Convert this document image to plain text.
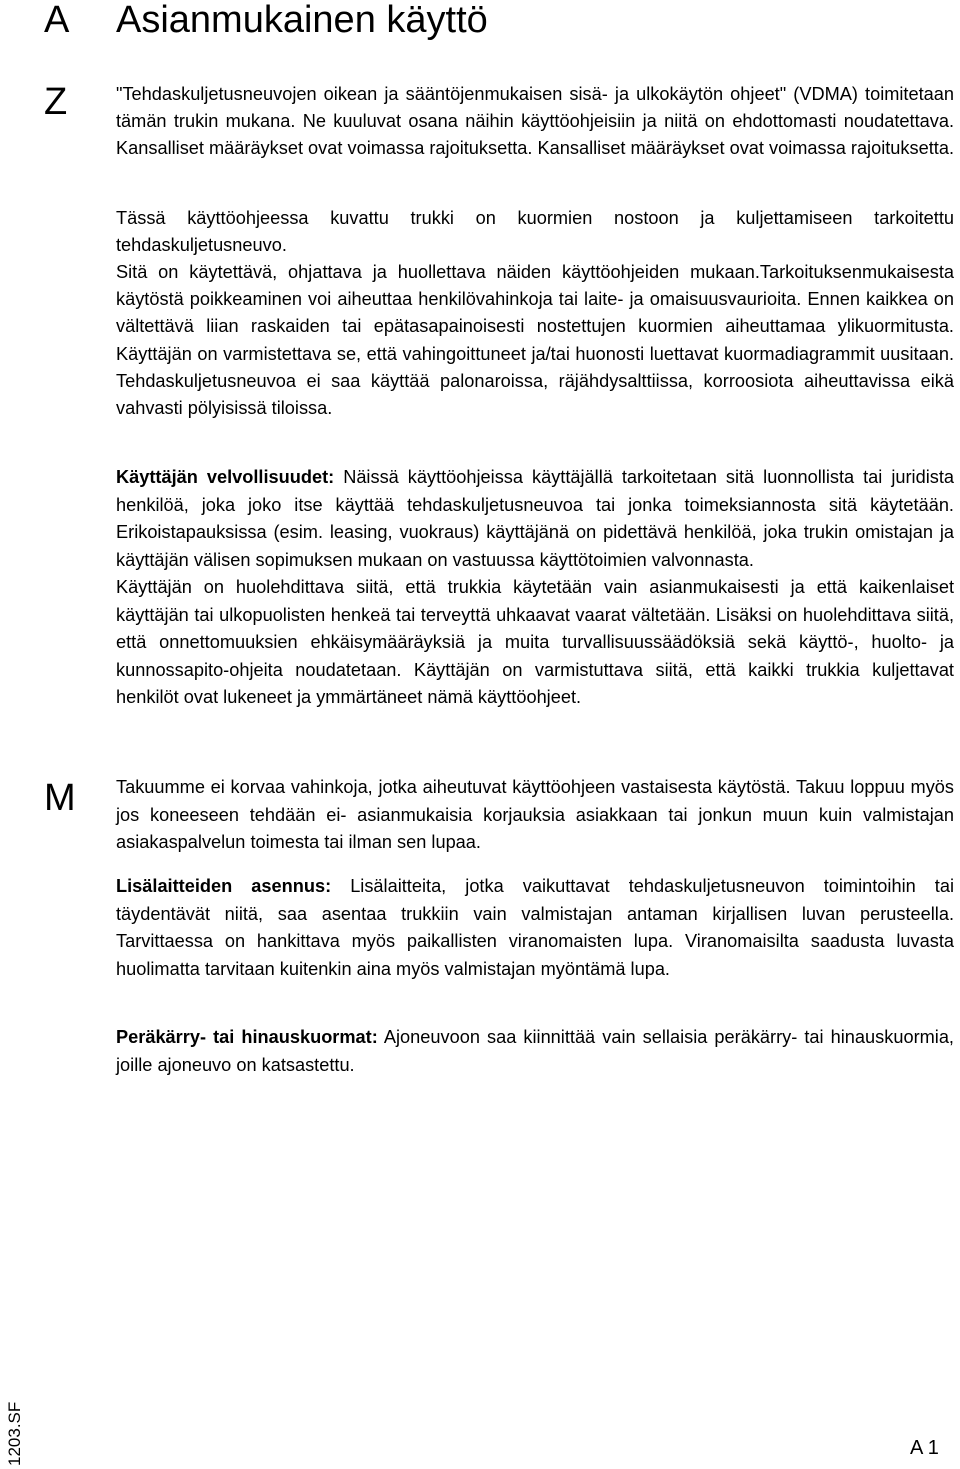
A Asianmukainen käyttö
Z	"Tehdaskuljetusneuvojen oikean ja sääntöjenmukaisen sisä- ja ulkokäytön ohjeet" (VDMA) toimitetaan tämän trukin mukana. Ne kuuluvat osana näihin käyttöohjeisiin ja niitä on ehdottomasti noudatettava. Kansalliset määräykset ovat voimassa rajoituksetta. Kansalliset määräykset ovat voimassa rajoituksetta.

Tässä käyttöohjeessa kuvattu trukki on kuormien nostoon ja kuljettamiseen tarkoitettu tehdaskuljetusneuvo.

Sitä on käytettävä, ohjattava ja huollettava näiden käyttöohjeiden mukaan.Tarkoituksenmukaisesta käytöstä poikkeaminen voi aiheuttaa henkilövahinkoja tai laite- ja omaisuusvaurioita. Ennen kaikkea on vältettävä liian raskaiden tai epätasapainoisesti nostettujen kuormien aiheuttamaa ylikuormitusta. Käyttäjän on varmistettava se, että vahingoittuneet ja/tai huonosti luettavat kuormadiagrammit uusitaan. Tehdaskuljetusneuvoa ei saa käyttää palonaroissa, räjähdysalttiissa, korroosiota aiheuttavissa eikä vahvasti pölyisissä tiloissa.

Käyttäjän velvollisuudet: Näissä käyttöohjeissa käyttäjällä tarkoitetaan sitä luonnollista tai juridista henkilöä, joka joko itse käyttää tehdaskuljetusneuvoa tai jonka toimeksiannosta sitä käytetään. Erikoistapauksissa (esim. leasing, vuokraus) käyttäjänä on pidettävä henkilöä, joka trukin omistajan ja käyttäjän välisen sopimuksen mukaan on vastuussa käyttötoimien valvonnasta.

Käyttäjän on huolehdittava siitä, että trukkia käytetään vain asianmukaisesti ja että kaikenlaiset käyttäjän tai ulkopuolisten henkeä tai terveyttä uhkaavat vaarat vältetään. Lisäksi on huolehdittava siitä, että onnettomuuksien ehkäisymääräyksiä ja muita turvallisuussäädöksiä sekä käyttö-, huolto- ja kunnossapito-ohjeita noudatetaan. Käyttäjän on varmistuttava siitä, että kaikki trukkia kuljettavat henkilöt ovat lukeneet ja ymmärtäneet nämä käyttöohjeet.

M Takuumme ei korvaa vahinkoja, jotka aiheutuvat käyttöohjeen vastaisesta käytöstä. Takuu loppuu myös jos koneeseen tehdään ei- asianmukaisia korjauksia asiakkaan tai jonkun muun kuin valmistajan asiakaspalvelun toimesta tai ilman sen lupaa.

Lisälaitteiden asennus: Lisälaitteita, jotka vaikuttavat tehdaskuljetusneuvon toimintoihin tai täydentävät niitä, saa asentaa trukkiin vain valmistajan antaman kirjallisen luvan perusteella. Tarvittaessa on hankittava myös paikallisten viranomaisten lupa. Viranomaisilta saadusta luvasta huolimatta tarvitaan kuitenkin aina myös valmistajan myöntämä lupa.

Peräkärry- tai hinauskuormat: Ajoneuvoon saa kiinnittää vain sellaisia peräkärry- tai hinauskuormia, joille ajoneuvo on katsastettu.

1203.SF	A 1
